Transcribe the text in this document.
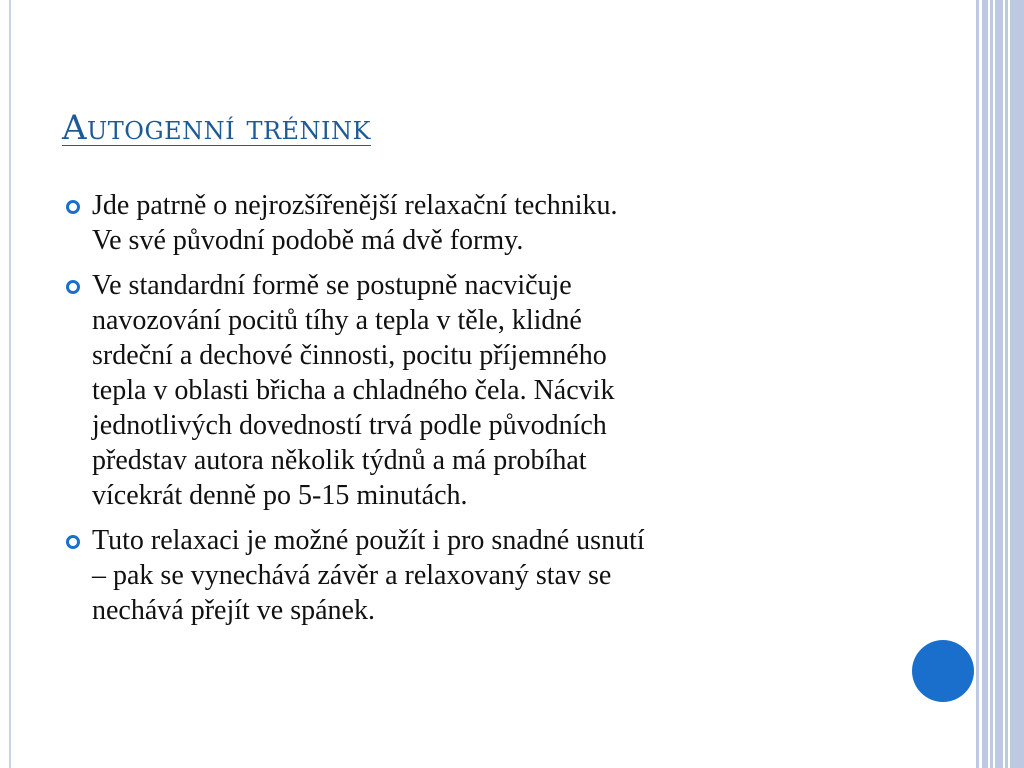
Autogenní trénink
Jde patrně o nejrozšířenější relaxační techniku.
Ve své původní podobě má dvě formy.
Ve standardní formě se postupně nacvičuje
navozování pocitů tíhy a tepla v těle, klidné
srdeční a dechové činnosti, pocitu příjemného
tepla v oblasti břicha a chladného čela. Nácvik
jednotlivých dovedností trvá podle původních
představ autora několik týdnů a má probíhat
vícekrát denně po 5-15 minutách.
Tuto relaxaci je možné použít i pro snadné usnutí
– pak se vynechává závěr a relaxovaný stav se
nechává přejít ve spánek.
